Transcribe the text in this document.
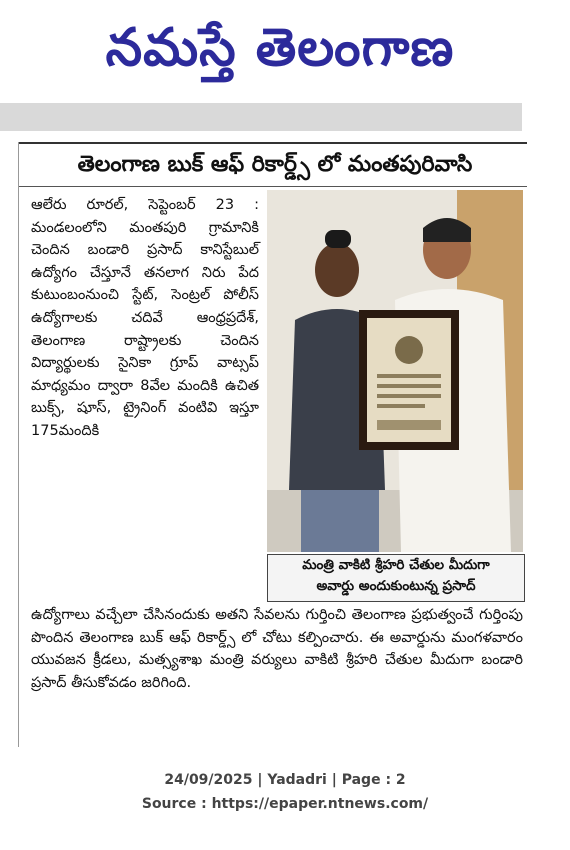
నమస్తే తెలంగాణ
తెలంగాణ బుక్ ఆఫ్ రికార్డ్స్ లో మంతపురివాసి

ఆలేరు రూరల్, సెప్టెంబర్ 23 : మండలంలోని మంతపురి గ్రామానికి చెందిన బండారి ప్రసాద్ కానిస్టేబుల్ ఉద్యోగం చేస్తూనే తనలాగ నిరు పేద కుటుంబంనుంచి స్టేట్, సెంట్రల్ పోలీస్ ఉద్యోగాలకు చదివే ఆంధ్రప్రదేశ్, తెలంగాణ రాష్ట్రాలకు చెందిన విద్యార్థులకు సైనికా గ్రూప్ వాట్సప్ మాధ్యమం ద్వారా 8వేల మందికి ఉచిత బుక్స్, షూస్, ట్రైనింగ్ వంటివి ఇస్తూ 175మందికి

మంత్రి వాకిటి శ్రీహరి చేతుల మీదుగా
అవార్డు అందుకుంటున్న ప్రసాద్
ఉద్యోగాలు వచ్చేలా చేసినందుకు అతని సేవలను గుర్తించి తెలంగాణ ప్రభుత్వంచే గుర్తింపు పొందిన తెలంగాణ బుక్ ఆఫ్ రికార్డ్స్ లో చోటు కల్పించారు. ఈ అవార్డును మంగళవారం యువజన క్రీడలు, మత్స్యశాఖ మంత్రి వర్యులు వాకిటి శ్రీహరి చేతుల మీదుగా బండారి ప్రసాద్ తీసుకోవడం జరిగింది.
24/09/2025 | Yadadri | Page : 2
Source : https://epaper.ntnews.com/
